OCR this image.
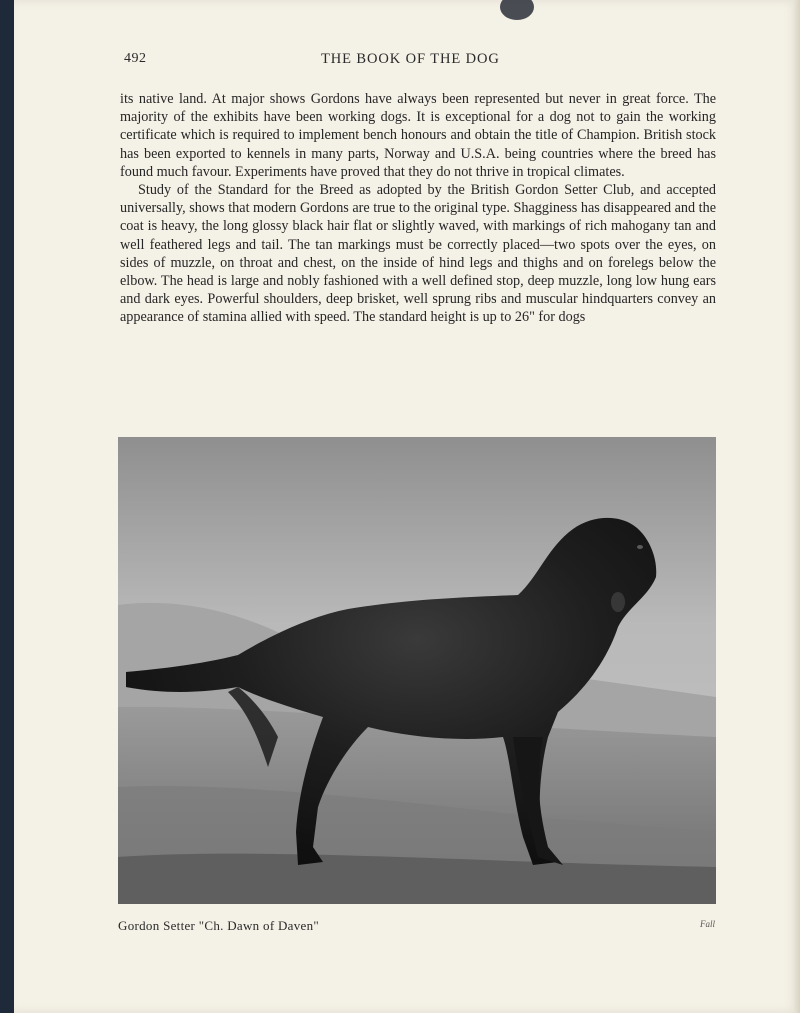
492	THE BOOK OF THE DOG

its native land. At major shows Gordons have always been represented but never in great force. The majority of the exhibits have been working dogs. It is exceptional for a dog not to gain the working certificate which is required to implement bench honours and obtain the title of Champion. British stock has been exported to kennels in many parts, Norway and U.S.A. being countries where the breed has found much favour. Experiments have proved that they do not thrive in tropical climates.

Study of the Standard for the Breed as adopted by the British Gordon Setter Club, and accepted universally, shows that modern Gordons are true to the original type. Shagginess has disappeared and the coat is heavy, the long glossy black hair flat or slightly waved, with markings of rich mahogany tan and well feathered legs and tail. The tan markings must be correctly placed—two spots over the eyes, on sides of muzzle, on throat and chest, on the inside of hind legs and thighs and on forelegs below the elbow. The head is large and nobly fashioned with a well defined stop, deep muzzle, long low hung ears and dark eyes. Powerful shoulders, deep brisket, well sprung ribs and muscular hindquarters convey an appearance of stamina allied with speed. The standard height is up to 26" for dogs

Gordon Setter "Ch. Dawn of Daven"	Fall
